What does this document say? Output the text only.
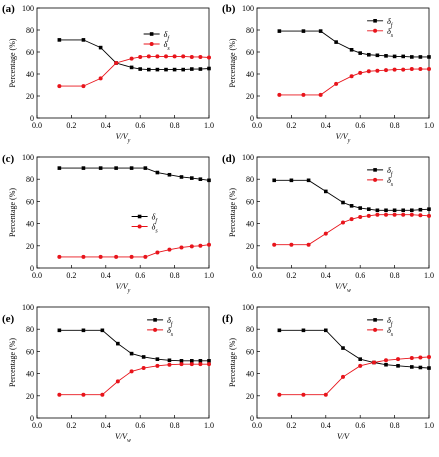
(a)
0.0	0.2	0.4	0.6	0.8	1.0
0
20
40
60
80
100
$V/V_y$
Percentage (%)
$\delta_f$
$\delta_s$
(b)
0.0	0.2	0.4	0.6	0.8	1.0
0
20
40
60
80
100
$V/V_y$
Percentage (%)
$\delta_f$
$\delta_s$
(c)
0.0	0.2	0.4	0.6	0.8	1.0
0
20
40
60
80
100
$V/V_y$
Percentage (%)	$\delta_f$
$\delta_s$
(d)
0.0	0.2	0.4	0.6	0.8	1.0
0
20
40
60
80
100
$V/V_w$
Percentage (%)
$\delta_f$
$\delta_s$
(e)
0.0	0.2	0.4	0.6	0.8	1.0
0
20
40
60
80
100
$V/V_w$
Percentage (%)
$\delta_f$
$\delta_s$
(f)
0.0	0.2	0.4	0.6	0.8	1.0
0
20
40
60
80
100
V/V
Percentage (%)
$\delta_f$
$\delta_s$
